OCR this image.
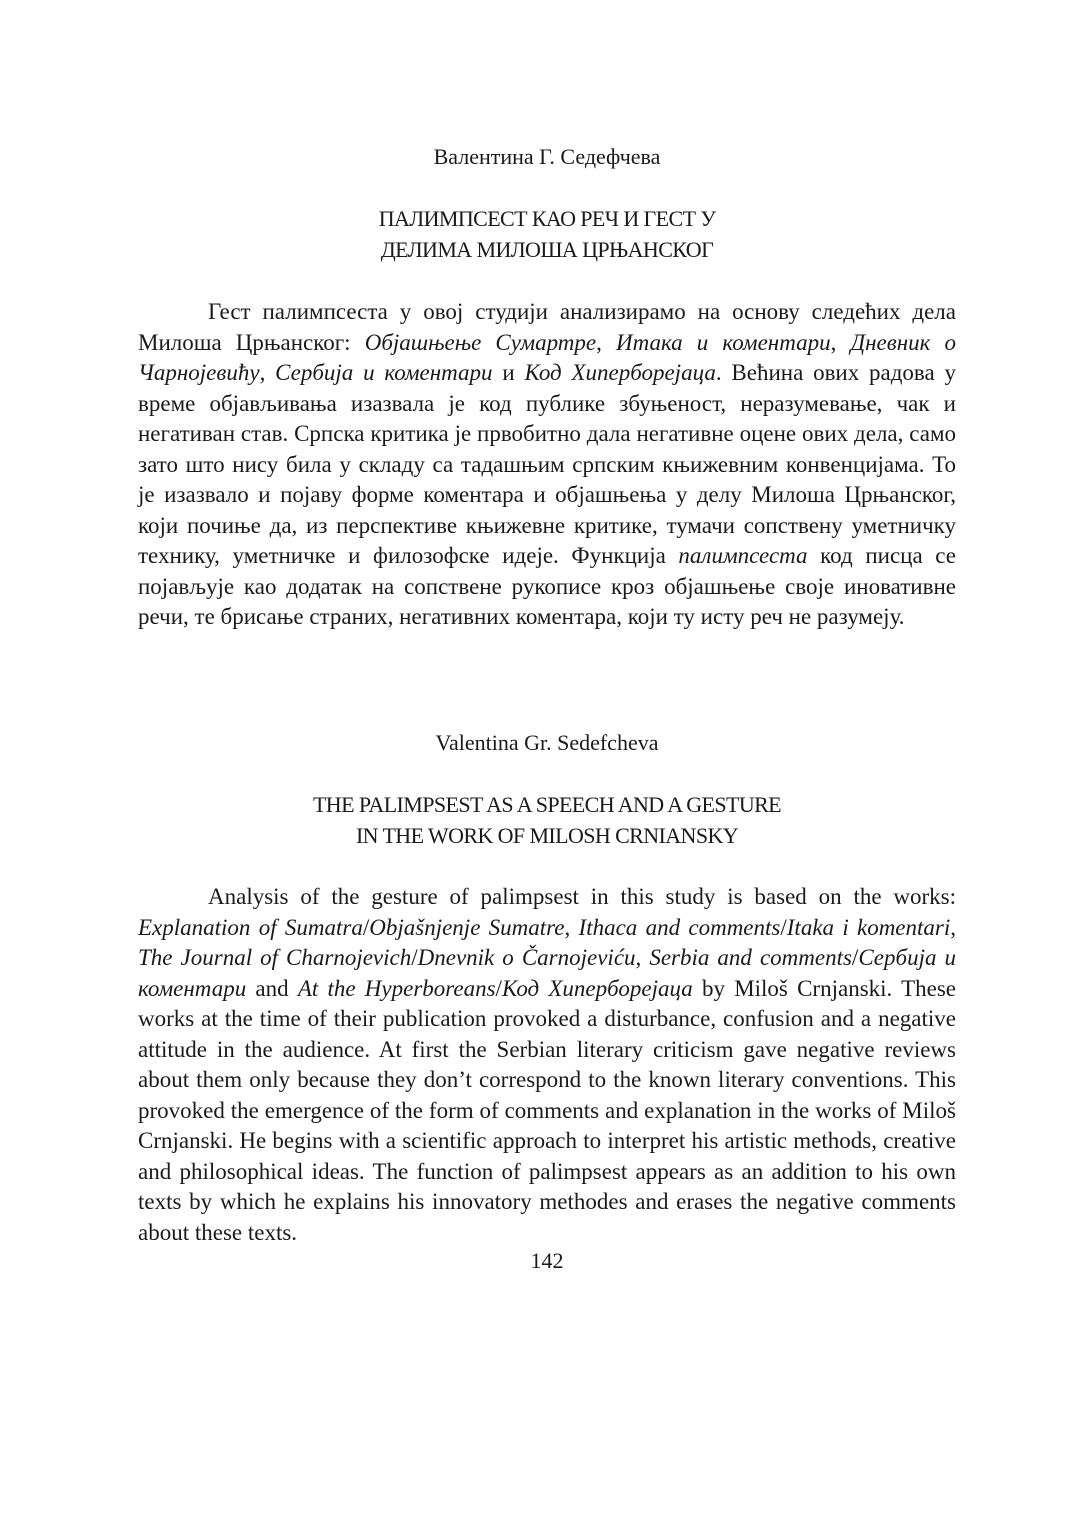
Валентина Г. Седефчева
ПАЛИМПСЕСТ КАО РЕЧ И ГЕСТ У
ДЕЛИМА МИЛОША ЦРЊАНСКОГ

Гест палимпсеста у овој студији анализирамо на основу следећих дела Милоша Црњанског: Објашњење Сумартре, Итака и коментари, Дневник о Чарнојевићу, Сербија и коментари и Код Хиперборејаца. Већина ових радова у време објављивања изазвала је код публике збуњеност, неразумевање, чак и негативан став. Српска критика је првобитно дала негативне оцене ових дела, само зато што нису била у складу са тадашњим српским књижевним конвенцијама. То је изазвало и појаву форме коментара и објашњења у делу Милоша Црњанског, који почиње да, из перспективе књижевне критике, тумачи сопствену уметничку технику, уметничке и филозофске идеје. Функција палимпсеста код писца се појављује као додатак на сопствене рукописе кроз објашњење своје иновативне речи, те брисање страних, негативних коментара, који ту исту реч не разумеју.

Valentina Gr. Sedefcheva
THE PALIMPSEST AS A SPEECH AND A GESTURE
IN THE WORK OF MILOSH CRNIANSKY

Analysis of the gesture of palimpsest in this study is based on the works: Explanation of Sumatra/Objašnjenje Sumatre, Ithaca and comments/Itaka i komentari, The Journal of Charnojevich/Dnevnik o Čarnojeviću, Serbia and comments/Сербија и коментари and At the Hyperboreans/Код Хиперборејаца by Miloš Crnjanski. These works at the time of their publication provoked a disturbance, confusion and a negative attitude in the audience. At first the Serbian literary criticism gave negative reviews about them only because they don’t correspond to the known literary conventions. This provoked the emergence of the form of comments and explanation in the works of Miloš Crnjanski. He begins with a scientific approach to interpret his artistic methods, creative and philosophical ideas. The function of palimpsest appears as an addition to his own texts by which he explains his innovatory methodes and erases the negative comments about these texts.

142
